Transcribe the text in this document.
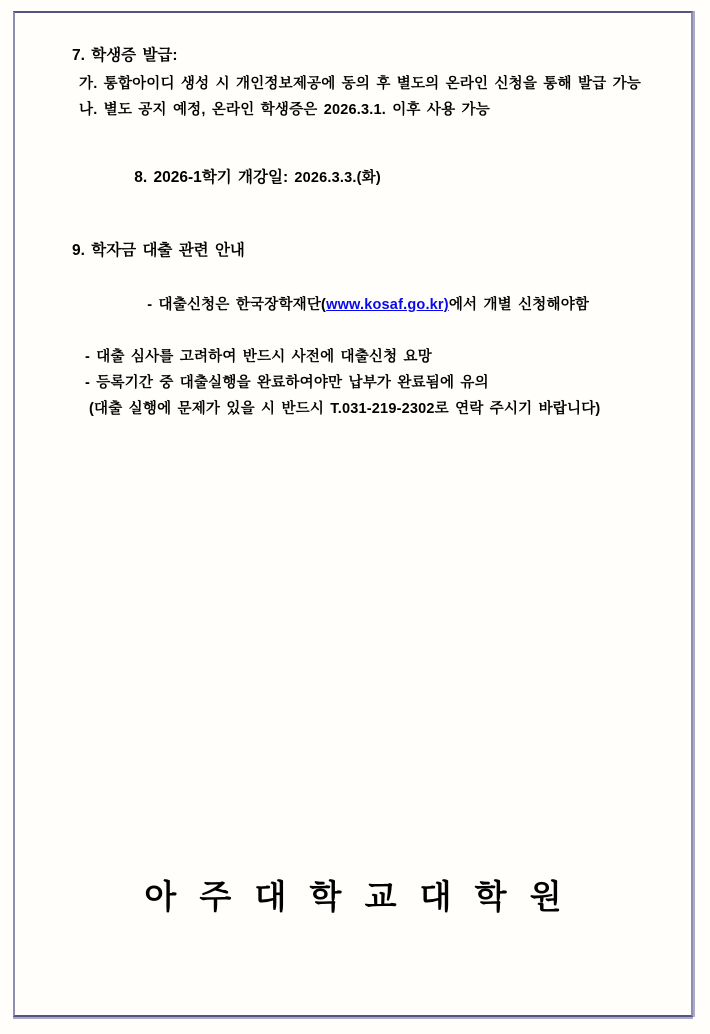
7. 학생증 발급:
가. 통합아이디 생성 시 개인정보제공에 동의 후 별도의 온라인 신청을 통해 발급 가능
나. 별도 공지 예정, 온라인 학생증은 2026.3.1. 이후 사용 가능

8. 2026-1학기 개강일: 2026.3.3.(화)

9. 학자금 대출 관련 안내

- 대출신청은 한국장학재단(www.kosaf.go.kr)에서 개별 신청해야함

- 대출 심사를 고려하여 반드시 사전에 대출신청 요망
- 등록기간 중 대출실행을 완료하여야만 납부가 완료됨에 유의
(대출 실행에 문제가 있을 시 반드시 T.031-219-2302로 연락 주시기 바랍니다)
아 주 대 학 교 대 학 원
